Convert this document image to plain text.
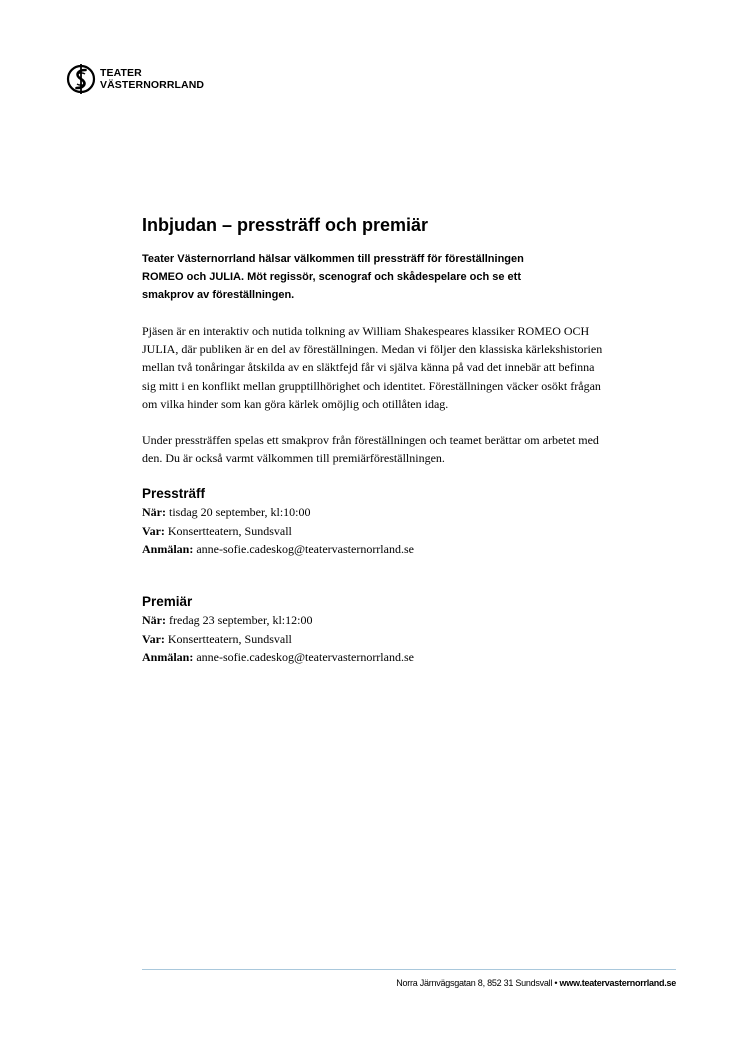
TEATER
VÄSTERNORRLAND
Inbjudan – pressträff och premiär

Teater Västernorrland hälsar välkommen till pressträff för föreställningen ROMEO och JULIA. Möt regissör, scenograf och skådespelare och se ett smakprov av föreställningen.

Pjäsen är en interaktiv och nutida tolkning av William Shakespeares klassiker ROMEO OCH JULIA, där publiken är en del av föreställningen. Medan vi följer den klassiska kärlekshistorien mellan två tonåringar åtskilda av en släktfejd får vi själva känna på vad det innebär att befinna sig mitt i en konflikt mellan grupptillhörighet och identitet. Föreställningen väcker osökt frågan om vilka hinder som kan göra kärlek omöjlig och otillåten idag.

Under pressträffen spelas ett smakprov från föreställningen och teamet berättar om arbetet med den. Du är också varmt välkommen till premiärföreställningen.

Pressträff

När: tisdag 20 september, kl:10:00

Var: Konsertteatern, Sundsvall

Anmälan: anne-sofie.cadeskog@teatervasternorrland.se

Premiär

När: fredag 23 september, kl:12:00

Var: Konsertteatern, Sundsvall

Anmälan: anne-sofie.cadeskog@teatervasternorrland.se

Norra Järnvägsgatan 8, 852 31 Sundsvall • www.teatervasternorrland.se
